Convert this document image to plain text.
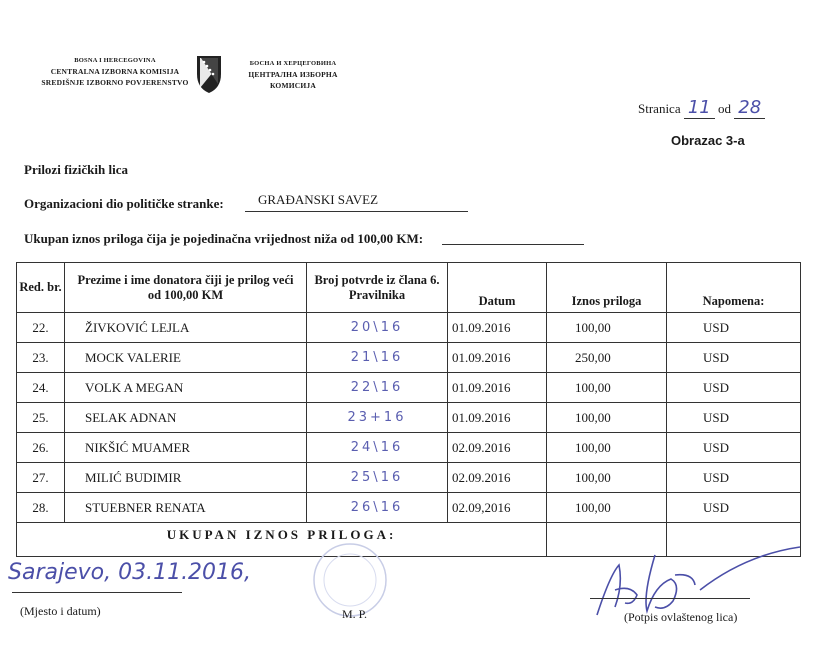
BOSNA I HERCEGOVINA
CENTRALNA IZBORNA KOMISIJA
SREDIŠNJE IZBORNO POVJERENSTVO
БОСНА И ХЕРЦЕГОВИНА
ЦЕНТРАЛНА ИЗБОРНА КОМИСИЈА
Stranica 11 od 28
Obrazac 3-a
Prilozi fizičkih lica
Organizacioni dio političke stranke:	GRAĐANSKI SAVEZ
Ukupan iznos priloga čija je pojedinačna vrijednost niža od 100,00 KM:
Red. br.	Prezime i ime donatora čiji je prilog veći od 100,00 KM	Broj potvrde iz člana 6. Pravilnika	Datum	Iznos priloga	Napomena:
22.	ŽIVKOVIĆ LEJLA	20\16	01.09.2016	100,00	USD
23.	MOCK VALERIE	21\16	01.09.2016	250,00	USD
24.	VOLK A MEGAN	22\16	01.09.2016	100,00	USD
25.	SELAK ADNAN	23+16	01.09.2016	100,00	USD
26.	NIKŠIĆ MUAMER	24\16	02.09.2016	100,00	USD
27.	MILIĆ BUDIMIR	25\16	02.09.2016	100,00	USD
28.	STUEBNER RENATA	26\16	02.09,2016	100,00	USD
UKUPAN IZNOS PRILOGA:					
Sarajevo, 03.11.2016,
(Mjesto i datum)	M. P.	(Potpis ovlaštenog lica)
